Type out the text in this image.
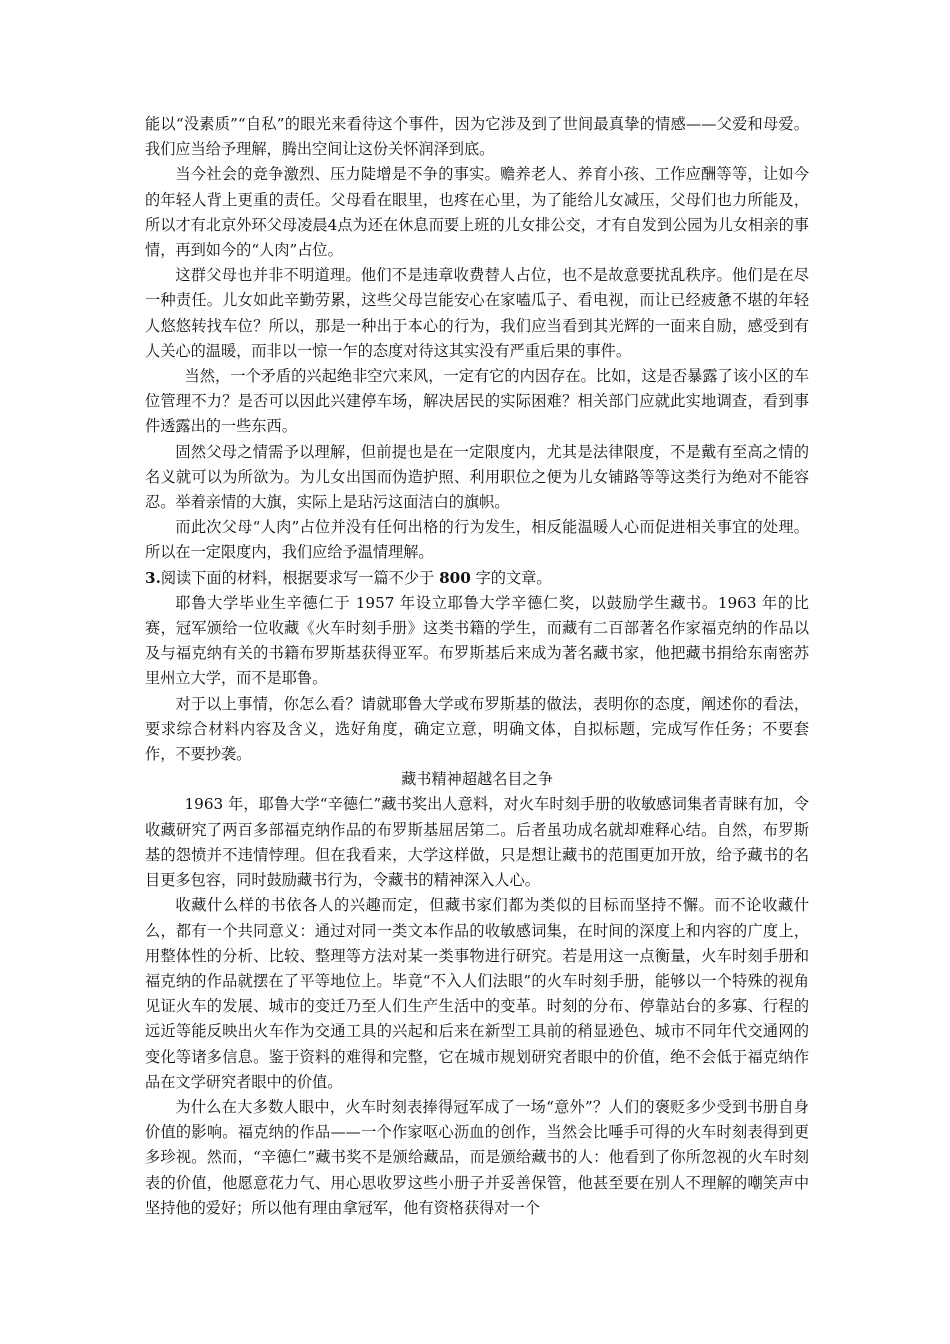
能以“没素质”“自私”的眼光来看待这个事件，因为它涉及到了世间最真挚的情感——父爱和母爱。我们应当给予理解，腾出空间让这份关怀润泽到底。

当今社会的竞争激烈、压力陡增是不争的事实。赡养老人、养育小孩、工作应酬等等，让如今的年轻人背上更重的责任。父母看在眼里，也疼在心里，为了能给儿女减压，父母们也力所能及，所以才有北京外环父母凌晨4点为还在休息而要上班的儿女排公交，才有自发到公园为儿女相亲的事情，再到如今的“人肉”占位。

这群父母也并非不明道理。他们不是违章收费替人占位，也不是故意要扰乱秩序。他们是在尽一种责任。儿女如此辛勤劳累，这些父母岂能安心在家嗑瓜子、看电视，而让已经疲惫不堪的年轻人悠悠转找车位？所以，那是一种出于本心的行为，我们应当看到其光辉的一面来自励，感受到有人关心的温暖，而非以一惊一乍的态度对待这其实没有严重后果的事件。

当然，一个矛盾的兴起绝非空穴来风，一定有它的内因存在。比如，这是否暴露了该小区的车位管理不力？是否可以因此兴建停车场，解决居民的实际困难？相关部门应就此实地调查，看到事件透露出的一些东西。

固然父母之情需予以理解，但前提也是在一定限度内，尤其是法律限度，不是戴有至高之情的名义就可以为所欲为。为儿女出国而伪造护照、利用职位之便为儿女铺路等等这类行为绝对不能容忍。举着亲情的大旗，实际上是玷污这面洁白的旗帜。

而此次父母“人肉”占位并没有任何出格的行为发生，相反能温暖人心而促进相关事宜的处理。所以在一定限度内，我们应给予温情理解。

3.阅读下面的材料，根据要求写一篇不少于 800 字的文章。

耶鲁大学毕业生辛德仁于 1957 年设立耶鲁大学辛德仁奖，以鼓励学生藏书。1963 年的比赛，冠军颁给一位收藏《火车时刻手册》这类书籍的学生，而藏有二百部著名作家福克纳的作品以及与福克纳有关的书籍布罗斯基获得亚军。布罗斯基后来成为著名藏书家，他把藏书捐给东南密苏里州立大学，而不是耶鲁。

对于以上事情，你怎么看？请就耶鲁大学或布罗斯基的做法，表明你的态度，阐述你的看法，要求综合材料内容及含义，选好角度，确定立意，明确文体，自拟标题，完成写作任务；不要套作，不要抄袭。

藏书精神超越名目之争

1963 年，耶鲁大学“辛德仁”藏书奖出人意料，对火车时刻手册的收敏感词集者青睐有加，令收藏研究了两百多部福克纳作品的布罗斯基屈居第二。后者虽功成名就却难释心结。自然，布罗斯基的怨愤并不违情悖理。但在我看来，大学这样做，只是想让藏书的范围更加开放，给予藏书的名目更多包容，同时鼓励藏书行为，令藏书的精神深入人心。

收藏什么样的书依各人的兴趣而定，但藏书家们都为类似的目标而坚持不懈。而不论收藏什么，都有一个共同意义：通过对同一类文本作品的收敏感词集，在时间的深度上和内容的广度上，用整体性的分析、比较、整理等方法对某一类事物进行研究。若是用这一点衡量，火车时刻手册和福克纳的作品就摆在了平等地位上。毕竟“不入人们法眼”的火车时刻手册，能够以一个特殊的视角见证火车的发展、城市的变迁乃至人们生产生活中的变革。时刻的分布、停靠站台的多寡、行程的远近等能反映出火车作为交通工具的兴起和后来在新型工具前的稍显逊色、城市不同年代交通网的变化等诸多信息。鉴于资料的难得和完整，它在城市规划研究者眼中的价值，绝不会低于福克纳作品在文学研究者眼中的价值。

为什么在大多数人眼中，火车时刻表捧得冠军成了一场“意外”？人们的褒贬多少受到书册自身价值的影响。福克纳的作品——一个作家呕心沥血的创作，当然会比唾手可得的火车时刻表得到更多珍视。然而，“辛德仁”藏书奖不是颁给藏品，而是颁给藏书的人：他看到了你所忽视的火车时刻表的价值，他愿意花力气、用心思收罗这些小册子并妥善保管，他甚至要在别人不理解的嘲笑声中坚持他的爱好；所以他有理由拿冠军，他有资格获得对一个
